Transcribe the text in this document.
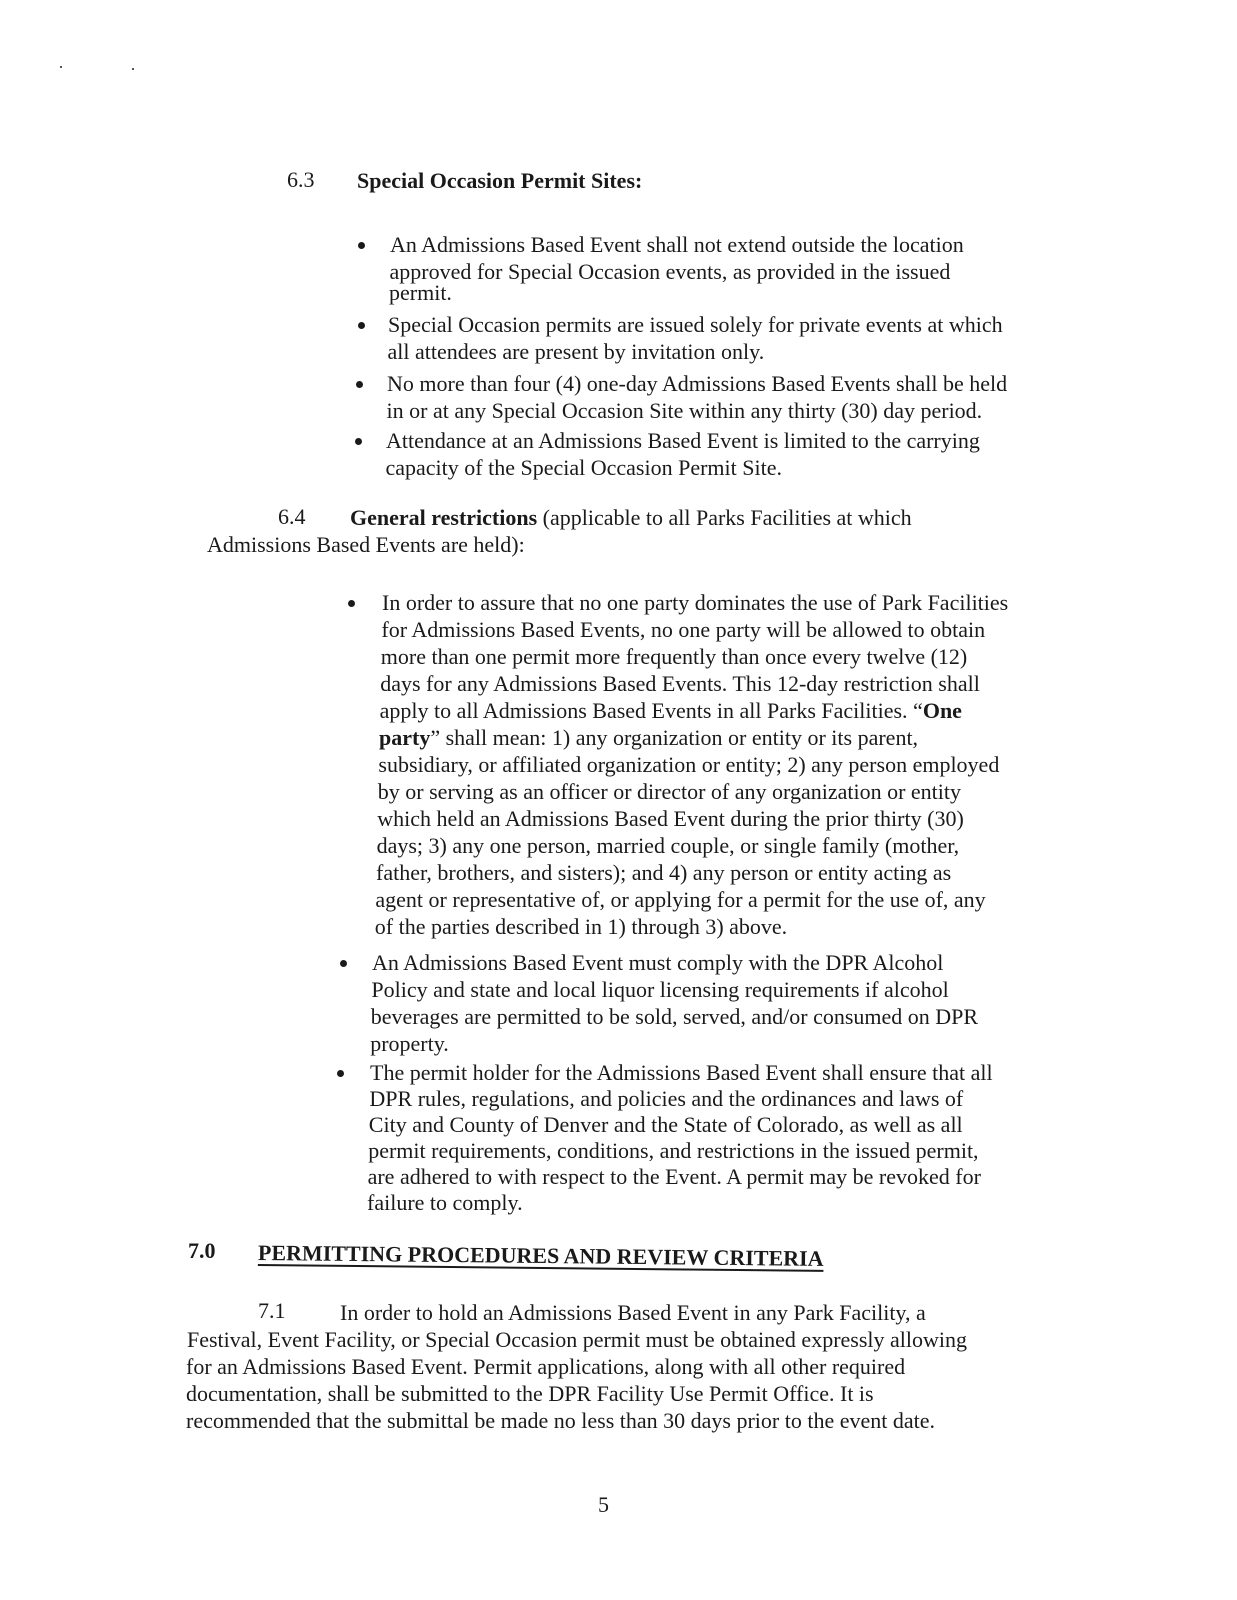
6.3 Special Occasion Permit Sites:
6.4 General restrictions (applicable to all Parks Facilities at which
Admissions Based Events are held):
7.0 PERMITTING PROCEDURES AND REVIEW CRITERIA
7.1
5
An Admissions Based Event shall not extend outside the location
approved for Special Occasion events, as provided in the issued
permit.
Special Occasion permits are issued solely for private events at which
all attendees are present by invitation only.
No more than four (4) one-day Admissions Based Events shall be held
in or at any Special Occasion Site within any thirty (30) day period.
Attendance at an Admissions Based Event is limited to the carrying
capacity of the Special Occasion Permit Site.
In order to assure that no one party dominates the use of Park Facilities
for Admissions Based Events, no one party will be allowed to obtain
more than one permit more frequently than once every twelve (12)
days for any Admissions Based Events. This 12-day restriction shall
apply to all Admissions Based Events in all Parks Facilities. “One
party” shall mean: 1) any organization or entity or its parent,
subsidiary, or affiliated organization or entity; 2) any person employed
by or serving as an officer or director of any organization or entity
which held an Admissions Based Event during the prior thirty (30)
days; 3) any one person, married couple, or single family (mother,
father, brothers, and sisters); and 4) any person or entity acting as
agent or representative of, or applying for a permit for the use of, any
of the parties described in 1) through 3) above.
An Admissions Based Event must comply with the DPR Alcohol
Policy and state and local liquor licensing requirements if alcohol
beverages are permitted to be sold, served, and/or consumed on DPR
property.
The permit holder for the Admissions Based Event shall ensure that all
DPR rules, regulations, and policies and the ordinances and laws of
City and County of Denver and the State of Colorado, as well as all
permit requirements, conditions, and restrictions in the issued permit,
are adhered to with respect to the Event. A permit may be revoked for
failure to comply.
In order to hold an Admissions Based Event in any Park Facility, a
Festival, Event Facility, or Special Occasion permit must be obtained expressly allowing
for an Admissions Based Event. Permit applications, along with all other required
documentation, shall be submitted to the DPR Facility Use Permit Office. It is
recommended that the submittal be made no less than 30 days prior to the event date.
